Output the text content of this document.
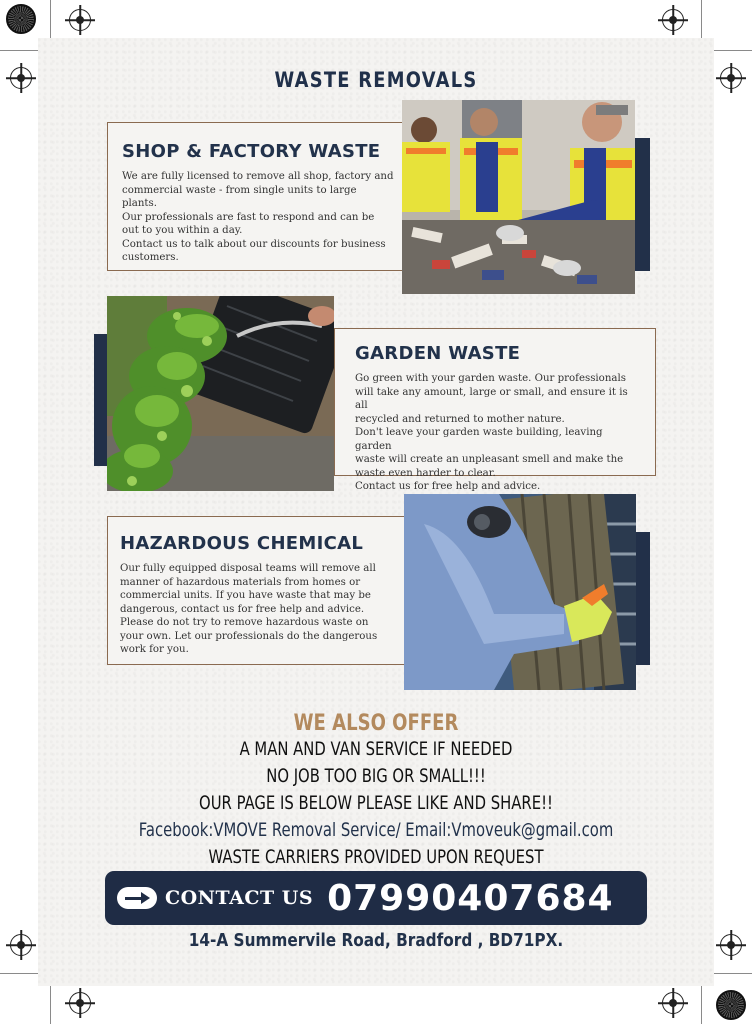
WASTE REMOVALS
SHOP & FACTORY WASTE

We are fully licensed to remove all shop, factory and
commercial waste - from single units to large plants.
Our professionals are fast to respond and can be
out to you within a day.
Contact us to talk about our discounts for business
customers.

GARDEN WASTE

Go green with your garden waste. Our professionals
will take any amount, large or small, and ensure it is all
recycled and returned to mother nature.
Don't leave your garden waste building, leaving garden
waste will create an unpleasant smell and make the
waste even harder to clear.
Contact us for free help and advice.

HAZARDOUS CHEMICAL

Our fully equipped disposal teams will remove all
manner of hazardous materials from homes or
commercial units. If you have waste that may be
dangerous, contact us for free help and advice.
Please do not try to remove hazardous waste on
your own. Let our professionals do the dangerous
work for you.

WE ALSO OFFER
A MAN AND VAN SERVICE IF NEEDED
NO JOB TOO BIG OR SMALL!!!
OUR PAGE IS BELOW PLEASE LIKE AND SHARE!!
Facebook:VMOVE Removal Service/ Email:Vmoveuk@gmail.com
WASTE CARRIERS PROVIDED UPON REQUEST
CONTACT US 07990407684
14-A Summervile Road, Bradford , BD71PX.
